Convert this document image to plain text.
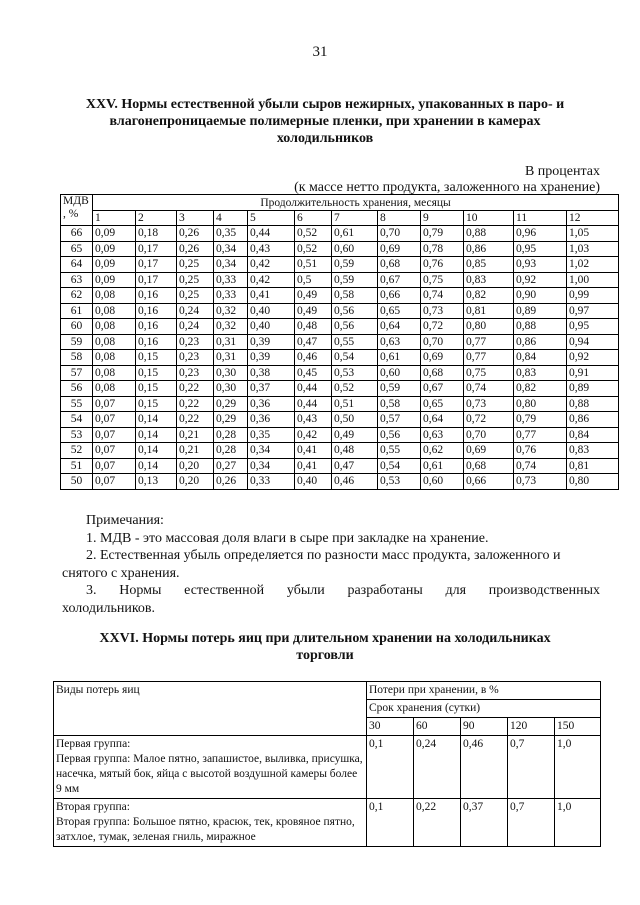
31
XXV. Нормы естественной убыли сыров нежирных, упакованных в паро- и влагонепроницаемые полимерные пленки, при хранении в камерах холодильников
В процентах
(к массе нетто продукта, заложенного на хранение)
МДВ , %	Продолжительность хранения, месяцы											
	1	2	3	4	5	6	7	8	9	10	11	12
66	0,09	0,18	0,26	0,35	0,44	0,52	0,61	0,70	0,79	0,88	0,96	1,05
65	0,09	0,17	0,26	0,34	0,43	0,52	0,60	0,69	0,78	0,86	0,95	1,03
64	0,09	0,17	0,25	0,34	0,42	0,51	0,59	0,68	0,76	0,85	0,93	1,02
63	0,09	0,17	0,25	0,33	0,42	0,5	0,59	0,67	0,75	0,83	0,92	1,00
62	0,08	0,16	0,25	0,33	0,41	0,49	0,58	0,66	0,74	0,82	0,90	0,99
61	0,08	0,16	0,24	0,32	0,40	0,49	0,56	0,65	0,73	0,81	0,89	0,97
60	0,08	0,16	0,24	0,32	0,40	0,48	0,56	0,64	0,72	0,80	0,88	0,95
59	0,08	0,16	0,23	0,31	0,39	0,47	0,55	0,63	0,70	0,77	0,86	0,94
58	0,08	0,15	0,23	0,31	0,39	0,46	0,54	0,61	0,69	0,77	0,84	0,92
57	0,08	0,15	0,23	0,30	0,38	0,45	0,53	0,60	0,68	0,75	0,83	0,91
56	0,08	0,15	0,22	0,30	0,37	0,44	0,52	0,59	0,67	0,74	0,82	0,89
55	0,07	0,15	0,22	0,29	0,36	0,44	0,51	0,58	0,65	0,73	0,80	0,88
54	0,07	0,14	0,22	0,29	0,36	0,43	0,50	0,57	0,64	0,72	0,79	0,86
53	0,07	0,14	0,21	0,28	0,35	0,42	0,49	0,56	0,63	0,70	0,77	0,84
52	0,07	0,14	0,21	0,28	0,34	0,41	0,48	0,55	0,62	0,69	0,76	0,83
51	0,07	0,14	0,20	0,27	0,34	0,41	0,47	0,54	0,61	0,68	0,74	0,81
50	0,07	0,13	0,20	0,26	0,33	0,40	0,46	0,53	0,60	0,66	0,73	0,80

Примечания:

1. МДВ - это массовая доля влаги в сыре при закладке на хранение.

2. Естественная убыль определяется по разности масс продукта, заложенного и снятого с хранения.

3. Нормы естественной убыли разработаны для производственных

холодильников.

XXVI. Нормы потерь яиц при длительном хранении на холодильниках
торговли
Виды потерь яиц	Потери при хранении, в %				
	Срок хранения (сутки)				
	30	60	90	120	150

Первая группа:
Первая группа: Малое пятно, запашистое, выливка, присушка, насечка, мятый бок, яйца с высотой воздушной камеры более 9 мм	0,1	0,24	0,46	0,7	1,0

Вторая группа:
Вторая группа: Большое пятно, красюк, тек, кровяное пятно, затхлое, тумак, зеленая гниль, миражное	0,1	0,22	0,37	0,7	1,0
